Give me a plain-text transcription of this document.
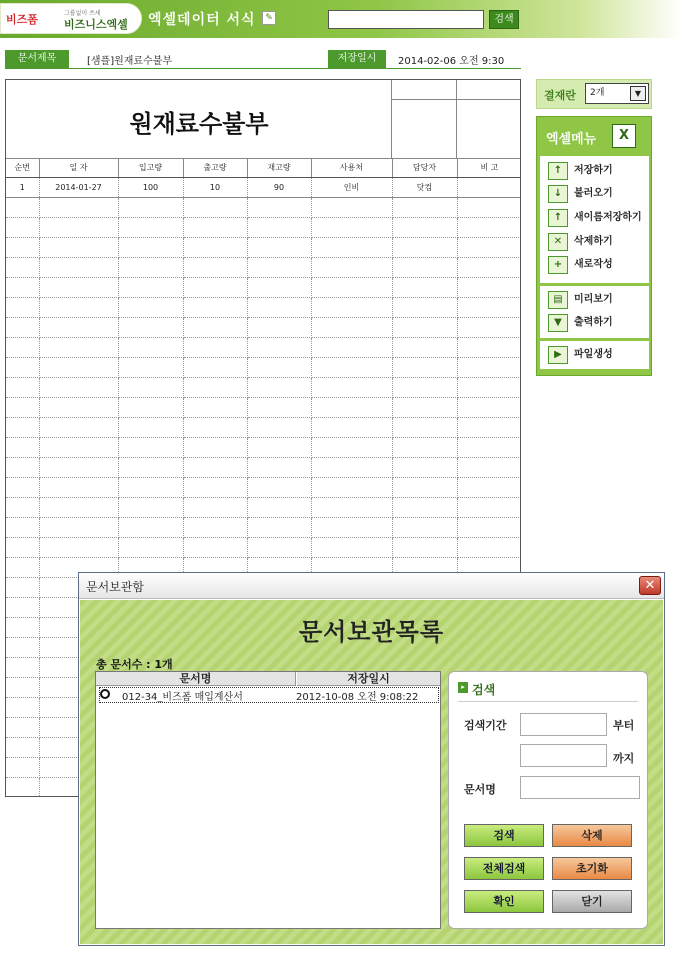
비즈폼	그룹없이 쓰세
비즈니스엑셀 엑셀데이터 서식	✎	검색
문서제목	[샘플]원재료수불부	저장일시	2014-02-06 오전 9:30
원재료수불부
순번	일 자	입고량	출고량	재고량	사용처	담당자	비 고
1	2014-01-27	100	10	90	인비	닷컴	

결재란	2개	▼
엑셀메뉴	X
↑	저장하기
↓	불러오기
↑	새이름저장하기
✕	삭제하기
+	새로작성
▤	미리보기
▼	출력하기
▶	파일생성
문서보관함	✕
문서보관목록
총 문서수 : 1개
문서명	저장일시
012-34_비즈폼 매입계산서	2012-10-08 오전 9:08:22
▸ 검색
검색기간	부터
까지
문서명
검색	삭제
전체검색	초기화
확인	닫기
